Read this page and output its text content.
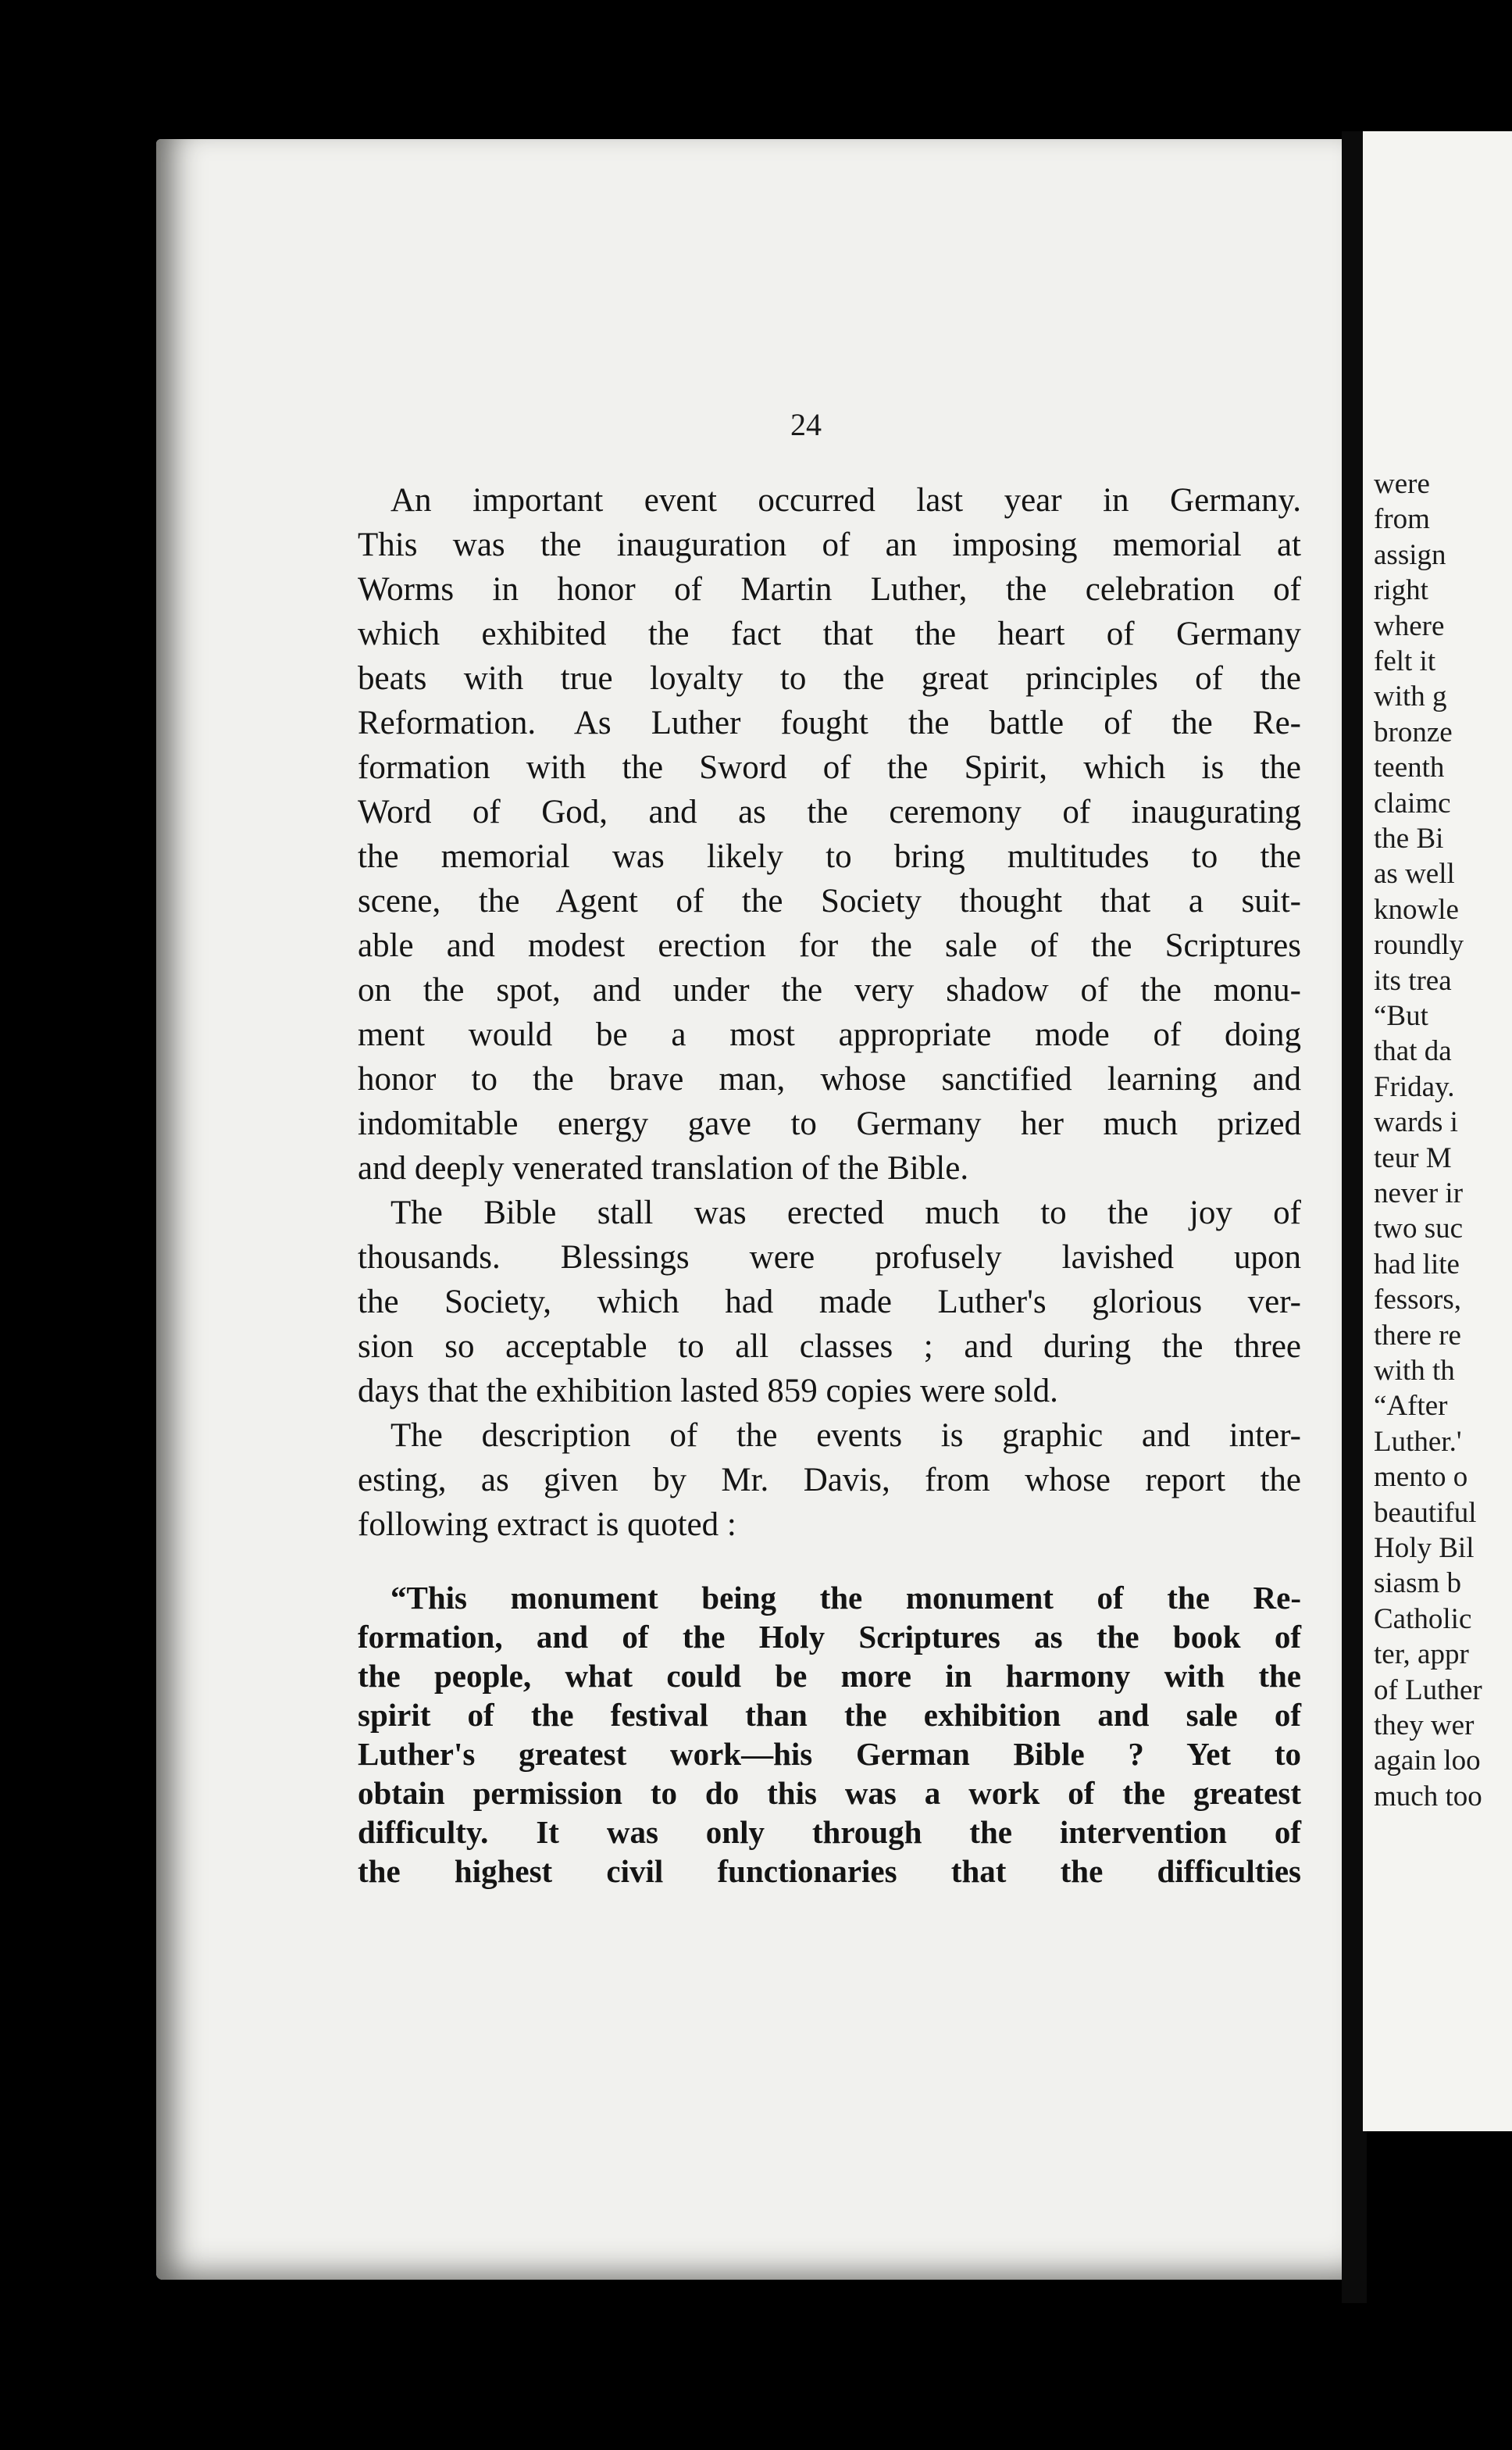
were
from
assign
right
where
felt it
with g
bronze
teenth
claimc
the Bi
as well
knowle
roundly
its trea
“But
that da
Friday.
wards i
teur M
never ir
two suc
had lite
fessors,
there re
with th
“After
Luther.'
mento o
beautiful
Holy Bil
siasm b
Catholic
ter, appr
of Luther
they wer
again loo
much too
24
An important event occurred last year in Germany.
This was the inauguration of an imposing memorial at
Worms in honor of Martin Luther, the celebration of
which exhibited the fact that the heart of Germany
beats with true loyalty to the great principles of the
Reformation. As Luther fought the battle of the Re-
formation with the Sword of the Spirit, which is the
Word of God, and as the ceremony of inaugurating
the memorial was likely to bring multitudes to the
scene, the Agent of the Society thought that a suit-
able and modest erection for the sale of the Scriptures
on the spot, and under the very shadow of the monu-
ment would be a most appropriate mode of doing
honor to the brave man, whose sanctified learning and
indomitable energy gave to Germany her much prized
and deeply venerated translation of the Bible.
The Bible stall was erected much to the joy of
thousands. Blessings were profusely lavished upon
the Society, which had made Luther's glorious ver-
sion so acceptable to all classes ; and during the three
days that the exhibition lasted 859 copies were sold.
The description of the events is graphic and inter-
esting, as given by Mr. Davis, from whose report the
following extract is quoted :
“This monument being the monument of the Re-
formation, and of the Holy Scriptures as the book of
the people, what could be more in harmony with the
spirit of the festival than the exhibition and sale of
Luther's greatest work—his German Bible ? Yet to
obtain permission to do this was a work of the greatest
difficulty. It was only through the intervention of
the highest civil functionaries that the difficulties
